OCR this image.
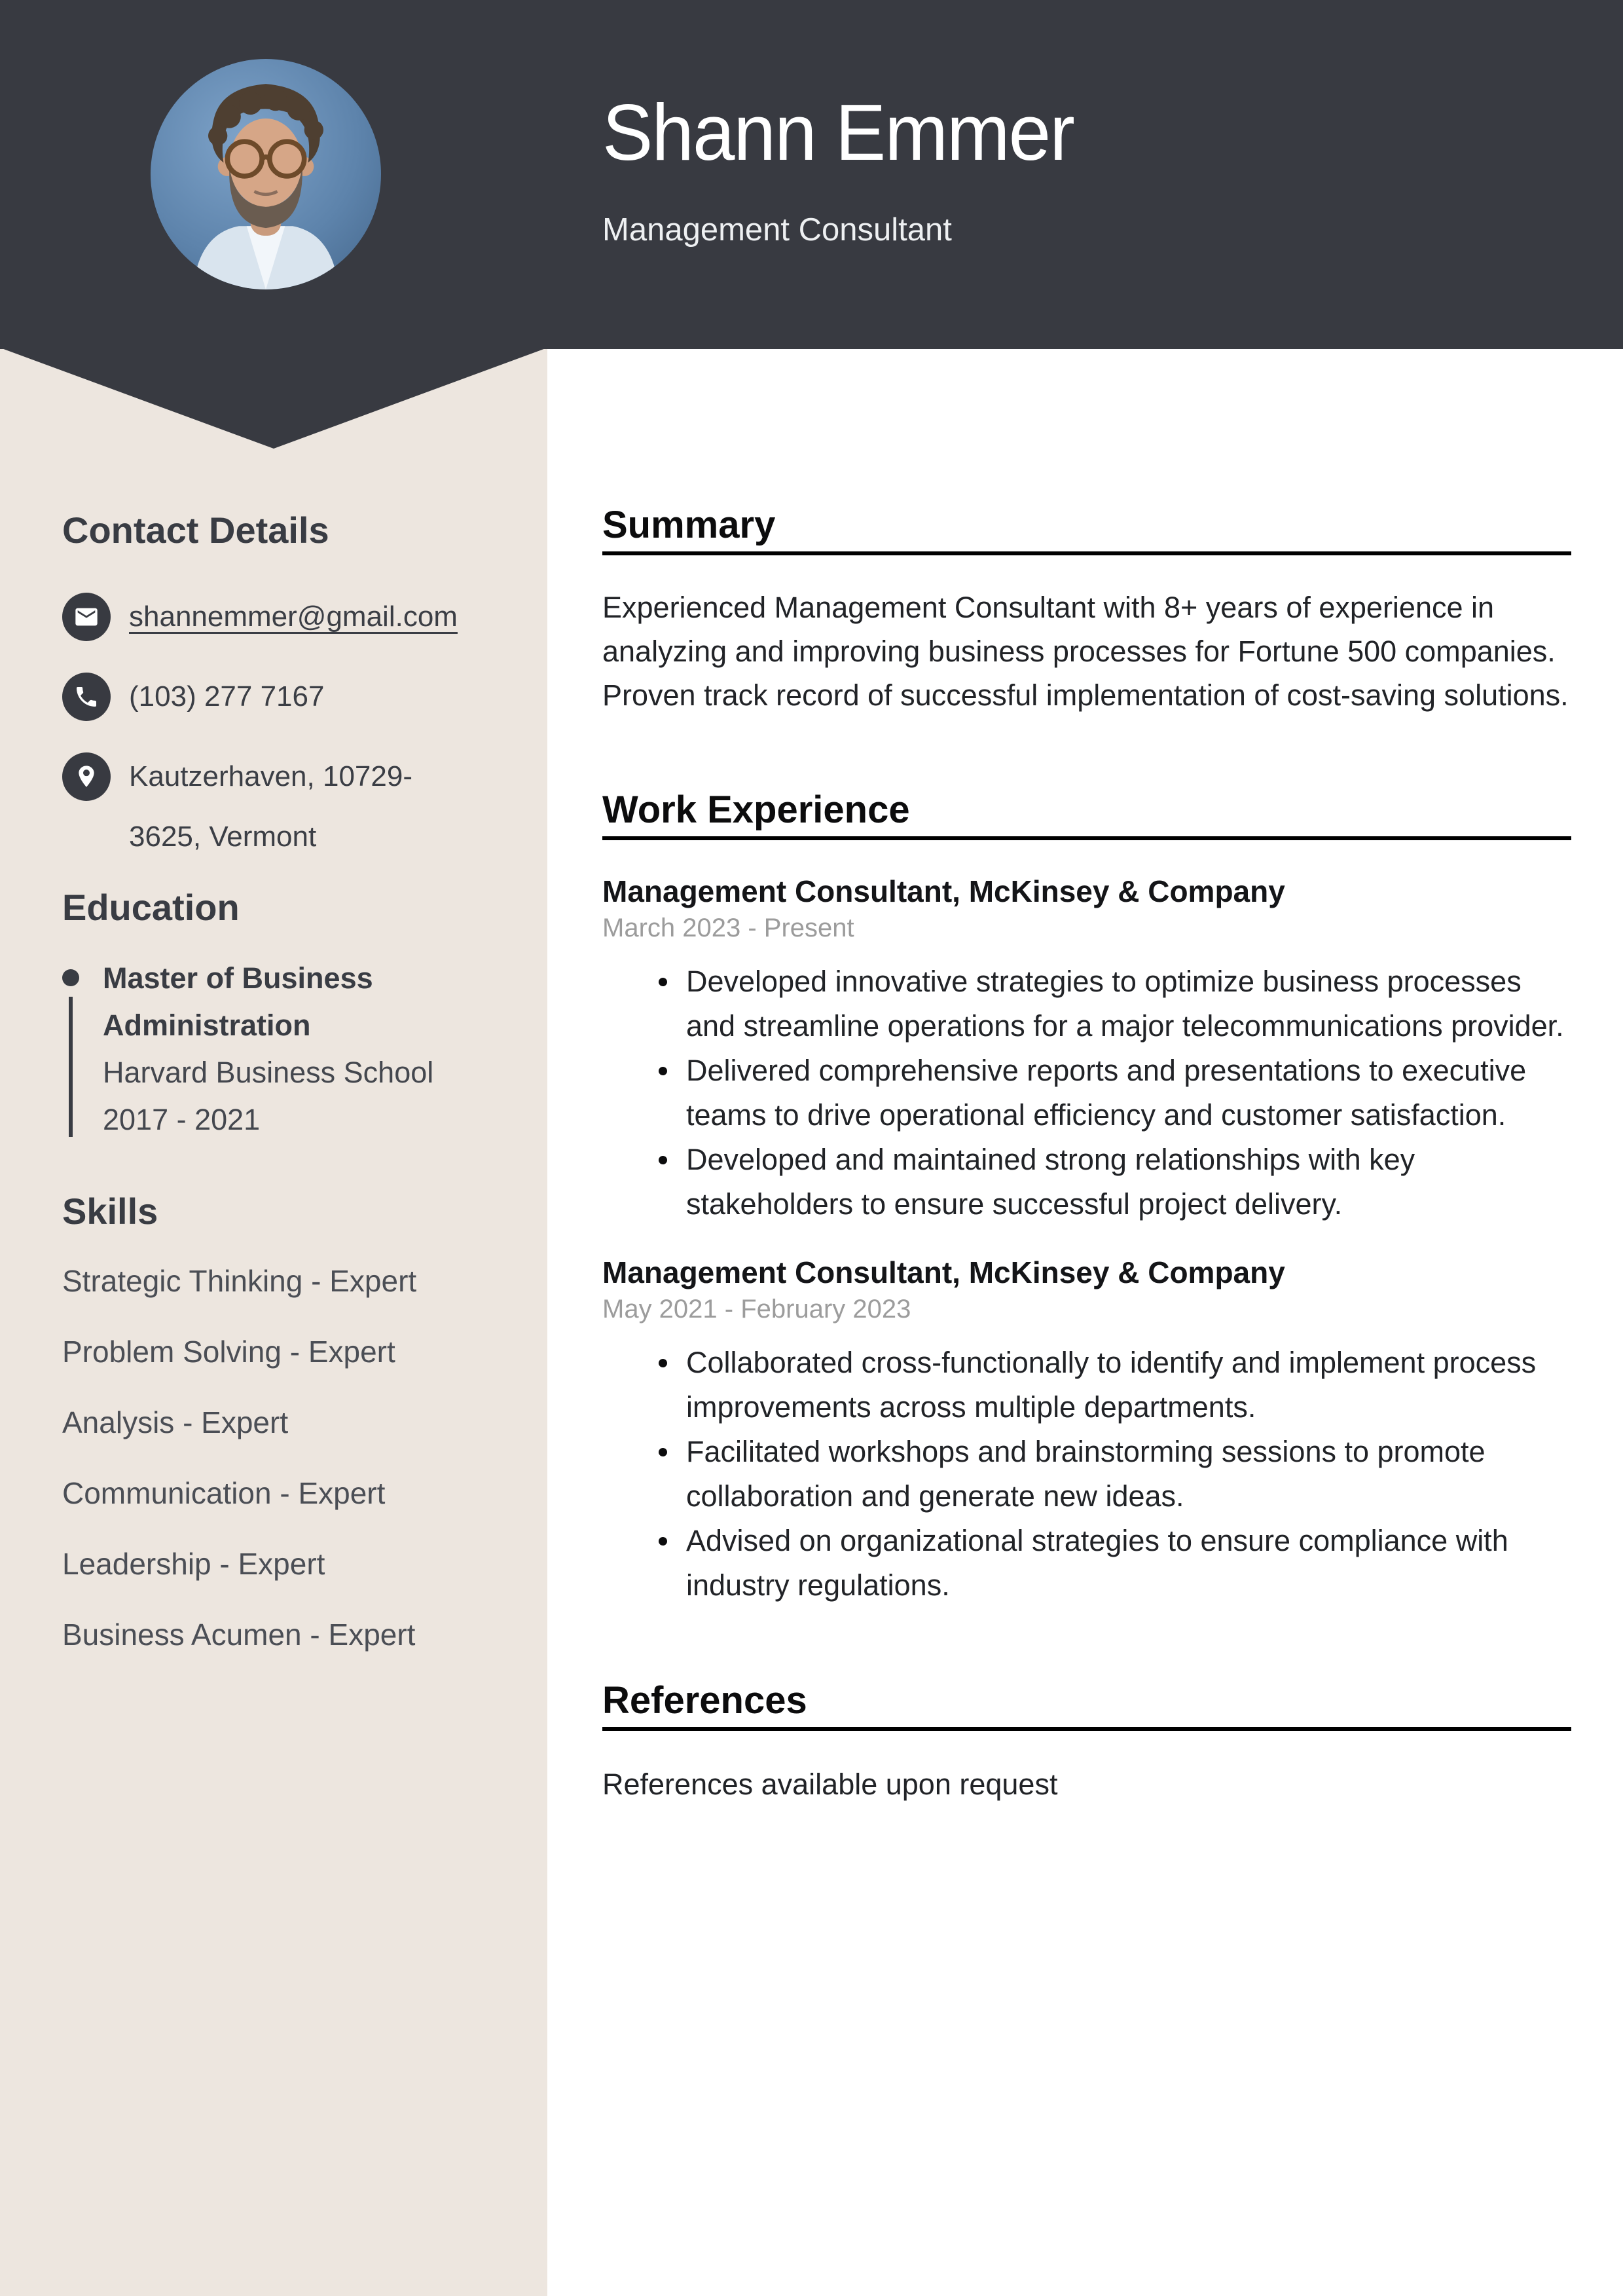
Shann Emmer
Management Consultant
Contact Details
shannemmer@gmail.com
(103) 277 7167
Kautzerhaven, 10729-3625, Vermont
Education
Master of Business Administration
Harvard Business School
2017 - 2021
Skills
Strategic Thinking - Expert
Problem Solving - Expert
Analysis - Expert
Communication - Expert
Leadership - Expert
Business Acumen - Expert
Summary

Experienced Management Consultant with 8+ years of experience in analyzing and improving business processes for Fortune 500 companies. Proven track record of successful implementation of cost-saving solutions.

Work Experience
Management Consultant, McKinsey & Company
March 2023 - Present
Developed innovative strategies to optimize business processes and streamline operations for a major telecommunications provider.
Delivered comprehensive reports and presentations to executive teams to drive operational efficiency and customer satisfaction.
Developed and maintained strong relationships with key stakeholders to ensure successful project delivery.
Management Consultant, McKinsey & Company
May 2021 - February 2023
Collaborated cross-functionally to identify and implement process improvements across multiple departments.
Facilitated workshops and brainstorming sessions to promote collaboration and generate new ideas.
Advised on organizational strategies to ensure compliance with industry regulations.
References

References available upon request
